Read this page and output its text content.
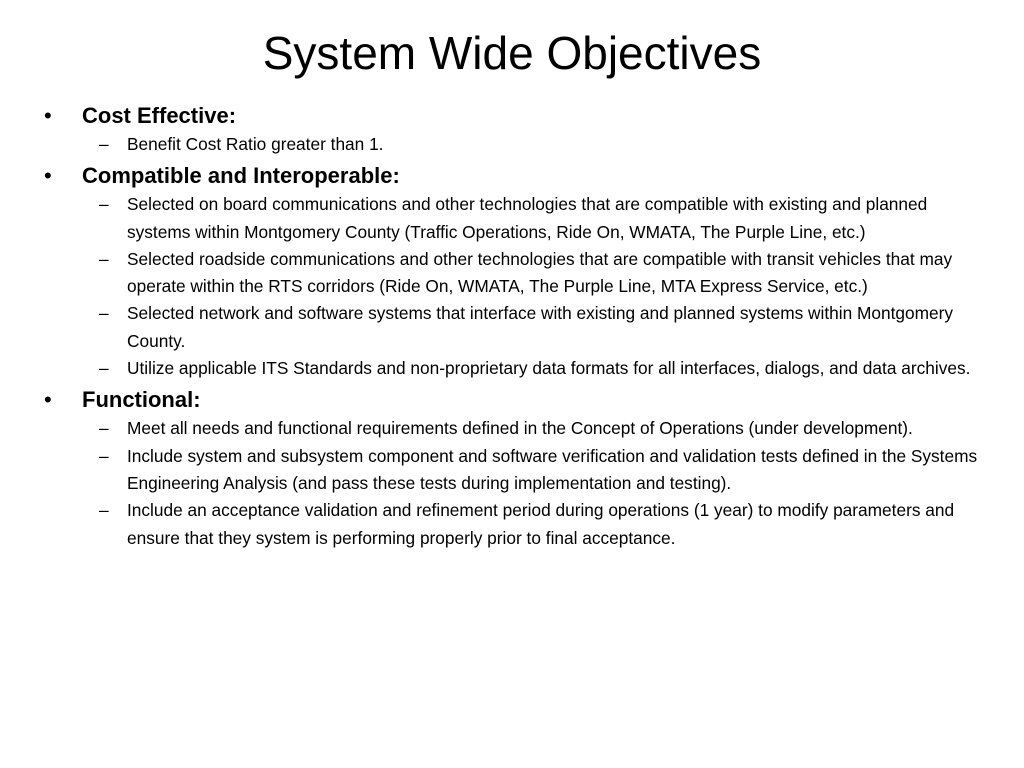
System Wide Objectives
• Cost Effective:
– Benefit Cost Ratio greater than 1.
• Compatible and Interoperable:
– Selected on board communications and other technologies that are compatible with existing and planned systems within Montgomery County (Traffic Operations, Ride On, WMATA, The Purple Line, etc.)
– Selected roadside communications and other technologies that are compatible with transit vehicles that may operate within the RTS corridors (Ride On, WMATA, The Purple Line, MTA Express Service, etc.)
– Selected network and software systems that interface with existing and planned systems within Montgomery County.
– Utilize applicable ITS Standards and non-proprietary data formats for all interfaces, dialogs, and data archives.
• Functional:
– Meet all needs and functional requirements defined in the Concept of Operations (under development).
– Include system and subsystem component and software verification and validation tests defined in the Systems Engineering Analysis (and pass these tests during implementation and testing).
– Include an acceptance validation and refinement period during operations (1 year) to modify parameters and ensure that they system is performing properly prior to final acceptance.
